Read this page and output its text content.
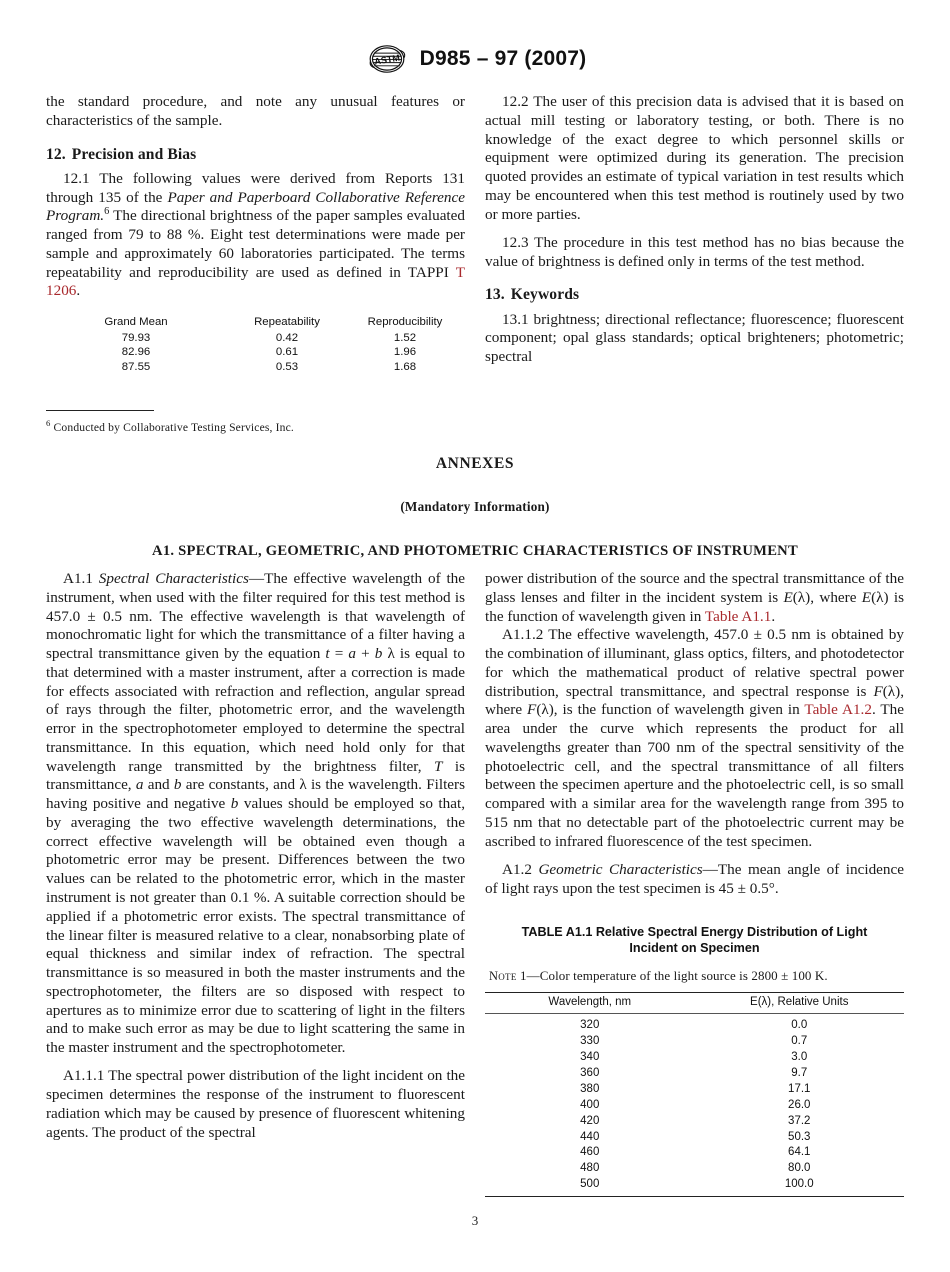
ASTM D985 – 97 (2007)

the standard procedure, and note any unusual features or characteristics of the sample.

12. Precision and Bias

12.1 The following values were derived from Reports 131 through 135 of the Paper and Paperboard Collaborative Reference Program.$^6$ The directional brightness of the paper samples evaluated ranged from 79 to 88 %. Eight test determinations were made per sample and approximately 60 laboratories participated. The terms repeatability and reproducibility are used as defined in TAPPI T 1206.

Grand Mean	Repeatability	Reproducibility
79.93	0.42	1.52
82.96	0.61	1.96
87.55	0.53	1.68

$^6$ Conducted by Collaborative Testing Services, Inc.

12.2 The user of this precision data is advised that it is based on actual mill testing or laboratory testing, or both. There is no knowledge of the exact degree to which personnel skills or equipment were optimized during its generation. The precision quoted provides an estimate of typical variation in test results which may be encountered when this test method is routinely used by two or more parties.

12.3 The procedure in this test method has no bias because the value of brightness is defined only in terms of the test method.

13. Keywords

13.1 brightness; directional reflectance; fluorescence; fluorescent component; opal glass standards; optical brighteners; photometric; spectral

ANNEXES
(Mandatory Information)
A1. SPECTRAL, GEOMETRIC, AND PHOTOMETRIC CHARACTERISTICS OF INSTRUMENT

A1.1 Spectral Characteristics—The effective wavelength of the instrument, when used with the filter required for this test method is 457.0 ± 0.5 nm. The effective wavelength is that wavelength of monochromatic light for which the transmittance of a filter having a spectral transmittance given by the equation t = a + b λ is equal to that determined with a master instrument, after a correction is made for effects associated with refraction and reflection, angular spread of rays through the filter, photometric error, and the wavelength error in the spectrophotometer employed to determine the spectral transmittance. In this equation, which need hold only for that wavelength range transmitted by the brightness filter, T is transmittance, a and b are constants, and λ is the wavelength. Filters having positive and negative b values should be employed so that, by averaging the two effective wavelength determinations, the correct effective wavelength will be obtained even though a photometric error may be present. Differences between the two values can be related to the photometric error, which in the master instrument is not greater than 0.1 %. A suitable correction should be applied if a photometric error exists. The spectral transmittance of the linear filter is measured relative to a clear, nonabsorbing plate of equal thickness and similar index of refraction. The spectral transmittance is so measured in both the master instruments and the spectrophotometer, the filters are so disposed with respect to apertures as to minimize error due to scattering of light in the filters and to make such error as may be due to light scattering the same in the master instrument and the spectrophotometer.

A1.1.1 The spectral power distribution of the light incident on the specimen determines the response of the instrument to fluorescent radiation which may be caused by presence of fluorescent whitening agents. The product of the spectral

power distribution of the source and the spectral transmittance of the glass lenses and filter in the incident system is E(λ), where E(λ) is the function of wavelength given in Table A1.1.

A1.1.2 The effective wavelength, 457.0 ± 0.5 nm is obtained by the combination of illuminant, glass optics, filters, and photodetector for which the mathematical product of relative spectral power distribution, spectral transmittance, and spectral response is F(λ), where F(λ), is the function of wavelength given in Table A1.2. The area under the curve which represents the product for all wavelengths greater than 700 nm of the spectral sensitivity of the photoelectric cell, and the spectral transmittance of all filters between the specimen aperture and the photoelectric cell, is so small compared with a similar area for the wavelength range from 395 to 515 nm that no detectable part of the photoelectric current may be ascribed to infrared fluorescence of the test specimen.

A1.2 Geometric Characteristics—The mean angle of incidence of light rays upon the test specimen is 45 ± 0.5°.

TABLE A1.1 Relative Spectral Energy Distribution of Light Incident on Specimen

Note 1—Color temperature of the light source is 2800 ± 100 K.

Wavelength, nm	E(λ), Relative Units
320	0.0
330	0.7
340	3.0
360	9.7
380	17.1
400	26.0
420	37.2
440	50.3
460	64.1
480	80.0
500	100.0

3
